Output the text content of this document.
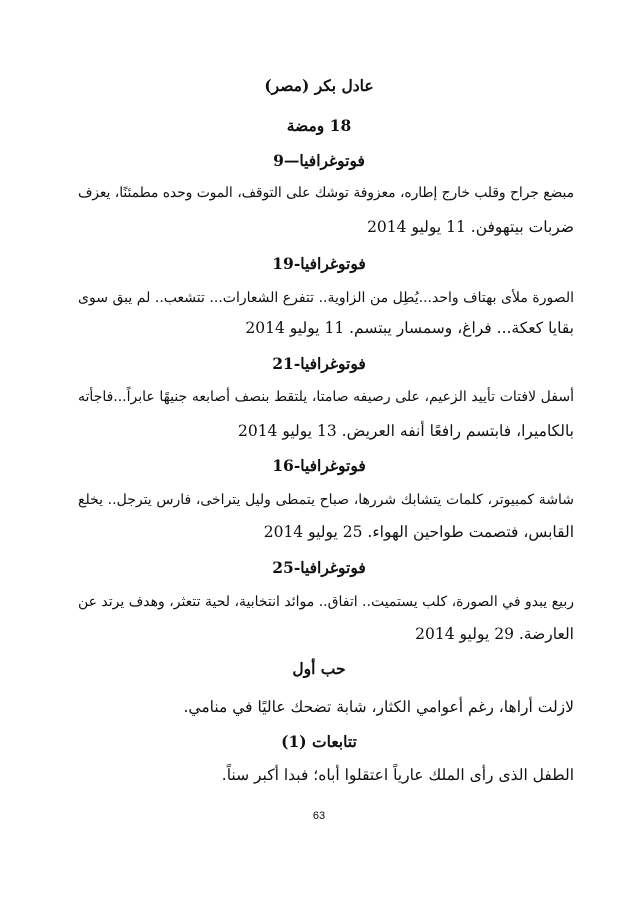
عادل بكر (مصر)
18 ومضة
فوتوغرافيا—9
مبضع جراح وقلب خارج إطاره، معزوفة توشك على التوقف، الموت وحده مطمئنًا، يعزف
ضربات بيتهوفن. 11 يوليو 2014
فوتوغرافيا-19
الصورة ملأى بهتاف واحد...يُطِل من الزاوية.. تتفرع الشعارات... تتشعب.. لم يبق سوى
بقايا كعكة... فراغ، وسمسار يبتسم. 11 يوليو 2014
فوتوغرافيا-21
أسفل لافتات تأييد الزعيم، على رصيفه صامتا، يلتقط بنصف أصابعه جنيهًا عابراً...فاجأته
بالكاميرا، فابتسم رافعًا أنفه العريض. 13 يوليو 2014
فوتوغرافيا-16
شاشة كمبيوتر، كلمات يتشابك شررها، صباح يتمطى وليل يتراخى، فارس يترجل.. يخلع
القابس، فتصمت طواحين الهواء. 25 يوليو 2014
فوتوغرافيا-25
ربيع يبدو في الصورة، كلب يستميت.. اتفاق.. موائد انتخابية، لحية تتعثر، وهدف يرتد عن
العارضة. 29 يوليو 2014
حب أول
لازلت أراها، رغم أعوامي الكثار، شابة تضحك عاليًا في منامي.
تتابعات (1)
الطفل الذى رأى الملك عارياً اعتقلوا أباه؛ فبدا أكبر سناً.
63
